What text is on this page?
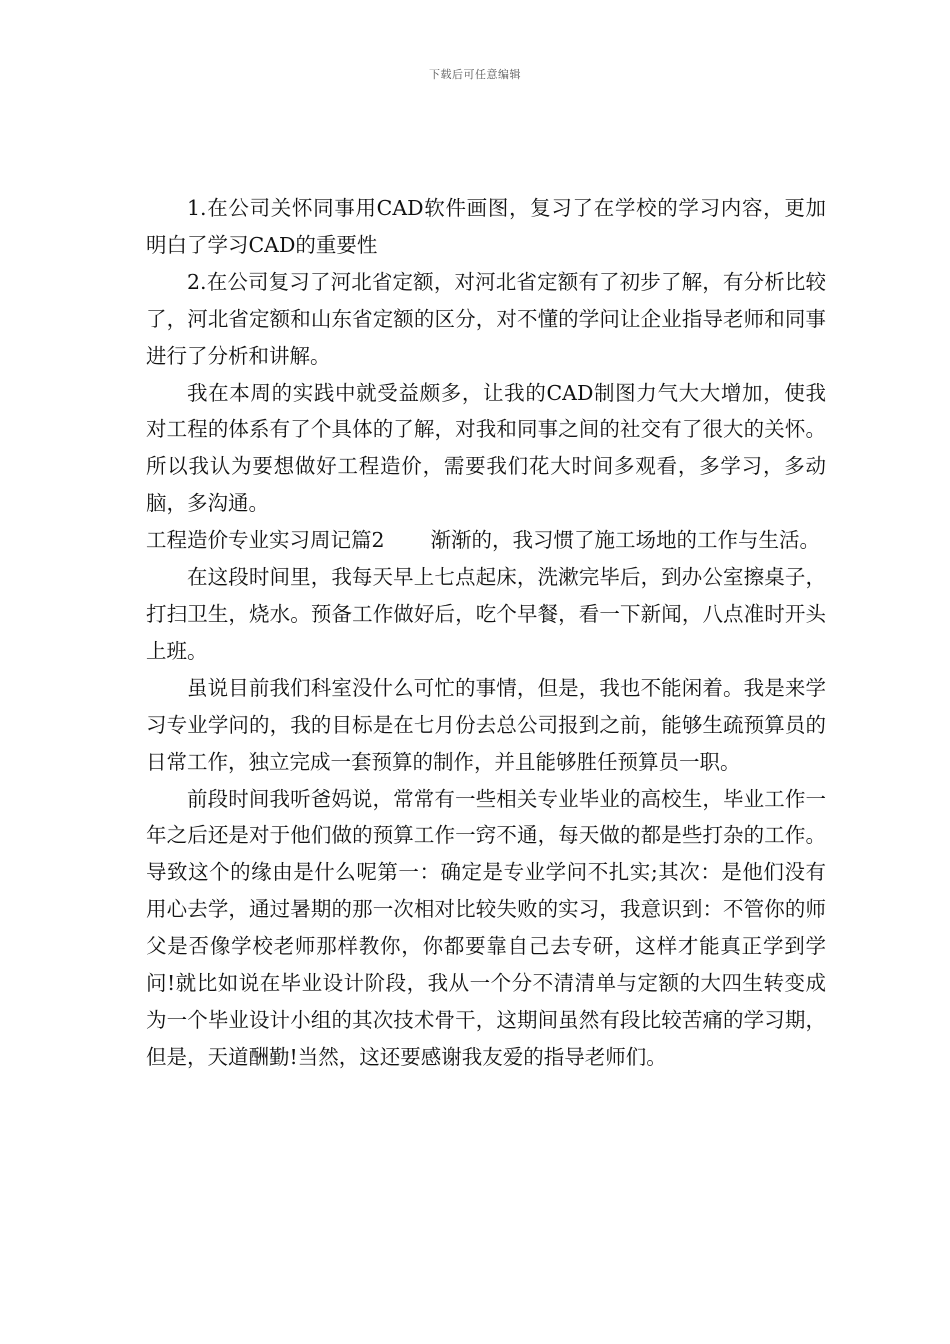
下载后可任意编辑

1.在公司关怀同事用CAD软件画图，复习了在学校的学习内容，更加明白了学习CAD的重要性

2.在公司复习了河北省定额，对河北省定额有了初步了解，有分析比较了，河北省定额和山东省定额的区分，对不懂的学问让企业指导老师和同事进行了分析和讲解。

我在本周的实践中就受益颇多，让我的CAD制图力气大大增加，使我对工程的体系有了个具体的了解，对我和同事之间的社交有了很大的关怀。所以我认为要想做好工程造价，需要我们花大时间多观看，多学习，多动脑，多沟通。

工程造价专业实习周记篇2 渐渐的，我习惯了施工场地的工作与生活。

在这段时间里，我每天早上七点起床，洗漱完毕后，到办公室擦桌子，打扫卫生，烧水。预备工作做好后，吃个早餐，看一下新闻，八点准时开头上班。

虽说目前我们科室没什么可忙的事情，但是，我也不能闲着。我是来学习专业学问的，我的目标是在七月份去总公司报到之前，能够生疏预算员的日常工作，独立完成一套预算的制作，并且能够胜任预算员一职。

前段时间我听爸妈说，常常有一些相关专业毕业的高校生，毕业工作一年之后还是对于他们做的预算工作一窍不通，每天做的都是些打杂的工作。导致这个的缘由是什么呢第一：确定是专业学问不扎实;其次：是他们没有用心去学，通过暑期的那一次相对比较失败的实习，我意识到：不管你的师父是否像学校老师那样教你，你都要靠自己去专研，这样才能真正学到学问!就比如说在毕业设计阶段，我从一个分不清清单与定额的大四生转变成为一个毕业设计小组的其次技术骨干，这期间虽然有段比较苦痛的学习期，但是，天道酬勤!当然，这还要感谢我友爱的指导老师们。
